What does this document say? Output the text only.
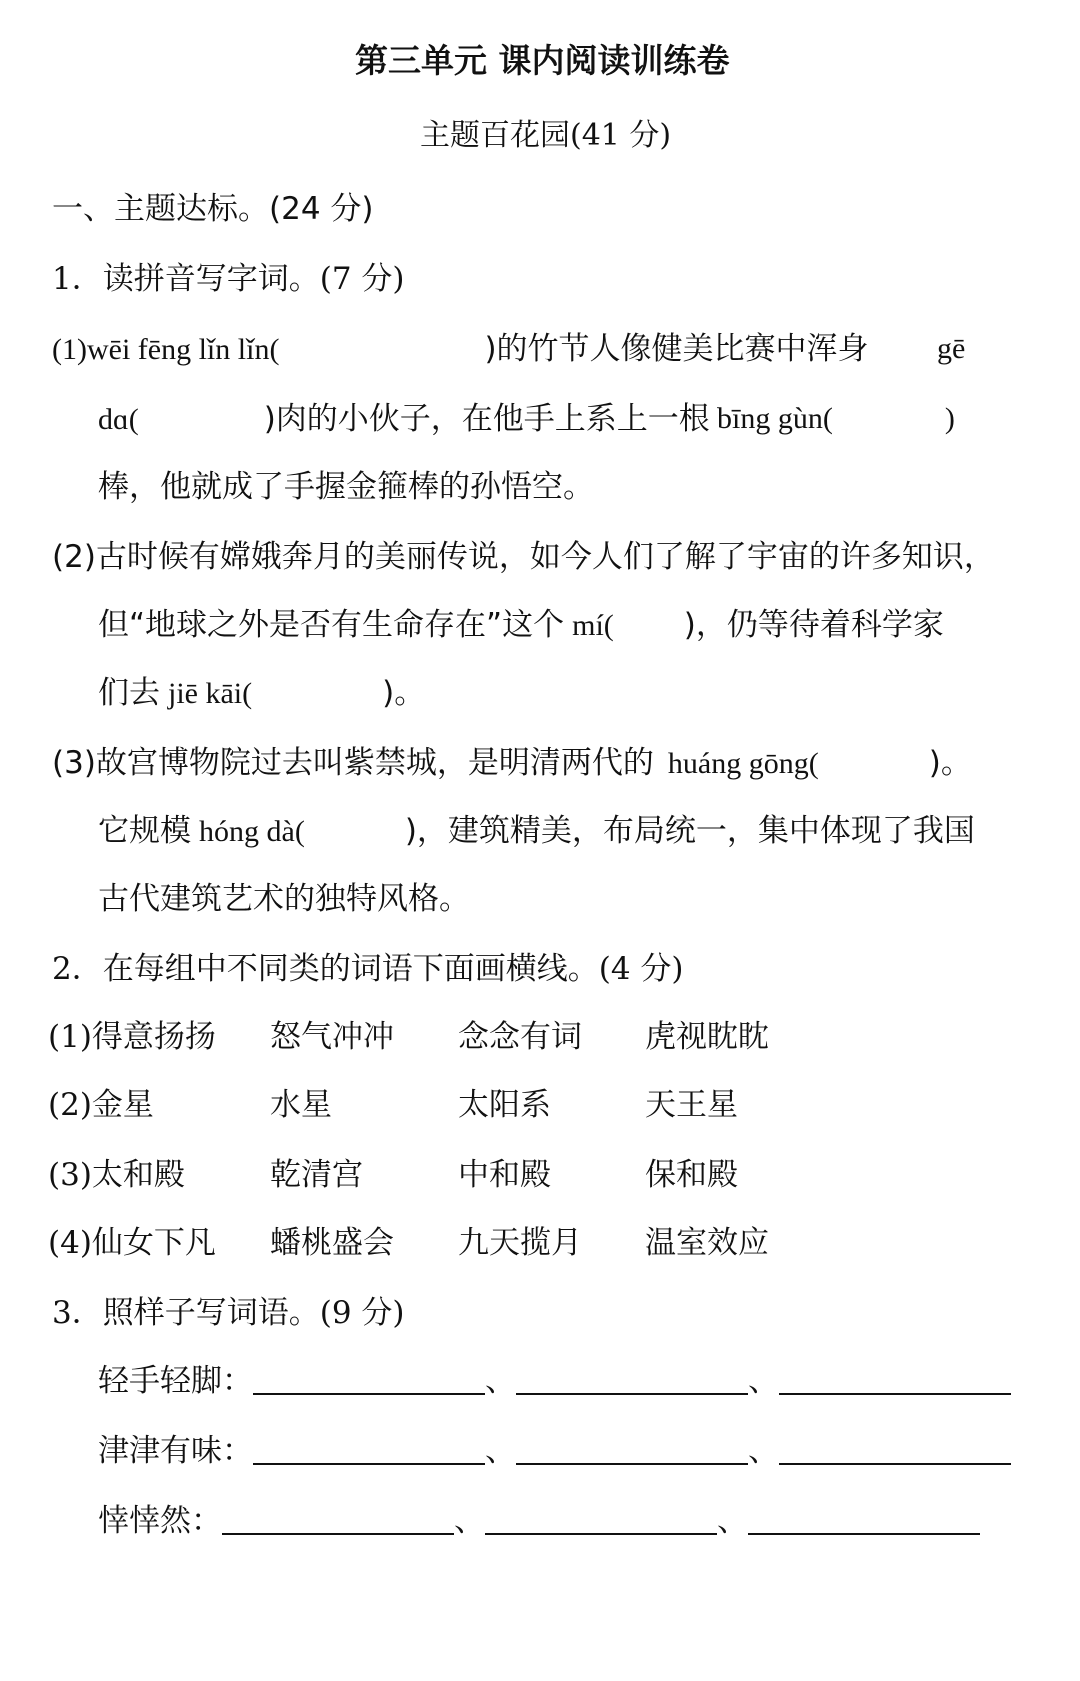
第三单元 课内阅读训练卷
主题百花园(41 分)
一、主题达标。(24 分)
1．读拼音写字词。(7 分)
(1)wēi fēng lǐn lǐn(	)的竹节人像健美比赛中浑身 gē
dɑ(	)肉的小伙子，在他手上系上一根 bīng gùn(	)
棒，他就成了手握金箍棒的孙悟空。
(2)古时候有嫦娥奔月的美丽传说，如今人们了解了宇宙的许多知识，
但“地球之外是否有生命存在”这个 mí( )，仍等待着科学家
们去 jiē kāi(	)。
(3)故宫博物院过去叫紫禁城，是明清两代的 huáng gōng(	)。
它规模 hóng dà(	)，建筑精美，布局统一，集中体现了我国
古代建筑艺术的独特风格。
2．在每组中不同类的词语下面画横线。(4 分)
(1)得意扬扬 怒气冲冲 念念有词 虎视眈眈
(2)金星	水星	太阳系	天王星
(3)太和殿	乾清宫	中和殿	保和殿
(4)仙女下凡 蟠桃盛会 九天揽月 温室效应
3．照样子写词语。(9 分)
轻手轻脚：	、	、
津津有味：	、	、
悻悻然：	、	、
